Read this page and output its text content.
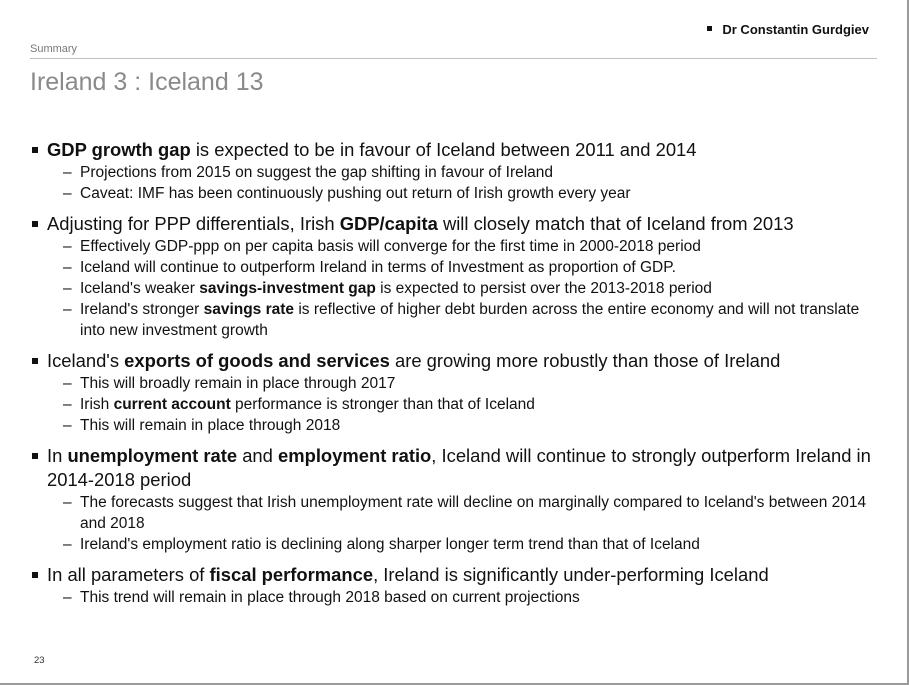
Dr Constantin Gurdgiev
Summary
Ireland 3 : Iceland 13
GDP growth gap is expected to be in favour of Iceland between 2011 and 2014
– Projections from 2015 on suggest the gap shifting in favour of Ireland
– Caveat: IMF has been continuously pushing out return of Irish growth every year
Adjusting for PPP differentials, Irish GDP/capita will closely match that of Iceland from 2013
– Effectively GDP-ppp on per capita basis will converge for the first time in 2000-2018 period
– Iceland will continue to outperform Ireland in terms of Investment as proportion of GDP.
– Iceland's weaker savings-investment gap is expected to persist over the 2013-2018 period
– Ireland's stronger savings rate is reflective of higher debt burden across the entire economy and will not translate into new investment growth
Iceland's exports of goods and services are growing more robustly than those of Ireland
– This will broadly remain in place through 2017
– Irish current account performance is stronger than that of Iceland
– This will remain in place through 2018
In unemployment rate and employment ratio, Iceland will continue to strongly outperform Ireland in 2014-2018 period
– The forecasts suggest that Irish unemployment rate will decline on marginally compared to Iceland's between 2014 and 2018
– Ireland's employment ratio is declining along sharper longer term trend than that of Iceland
In all parameters of fiscal performance, Ireland is significantly under-performing Iceland
– This trend will remain in place through 2018 based on current projections
23
